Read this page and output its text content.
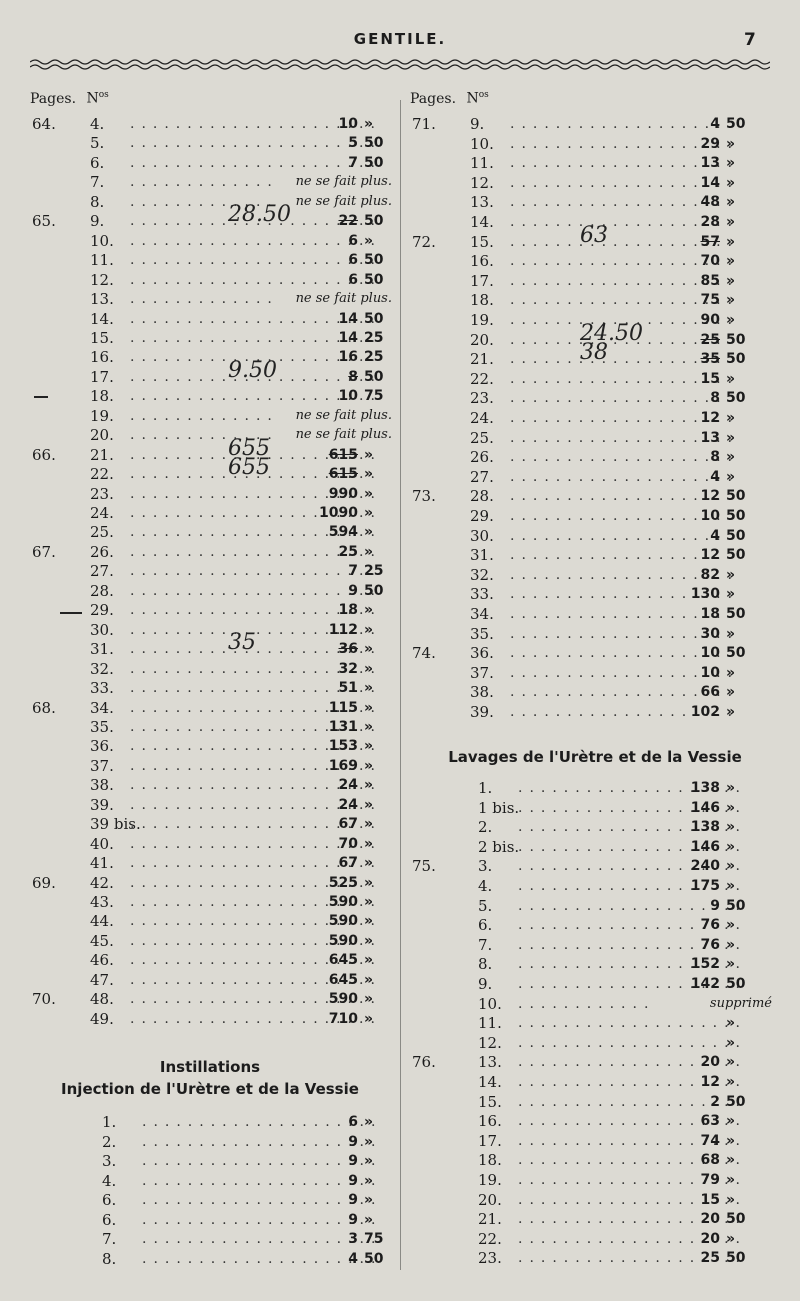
GENTILE.	7
Pages. $N^{os}$	Pages. $N^{os}$
64.	4. .....	10 »
5. .....	5 50
6. .....	7 50
7. .....	ne se fait plus.
8. .....	ne se fait plus.
65.	9. .....	22 50
28.50
10. .....	6 »
11. .....	6 50
12. .....	6 50
13. .....	ne se fait plus.
14. .....	14 50
15. .....	14 25
16. .....	16 25
17. .....	8 50
9.50
18. .....	10 75
19. .....	ne se fait plus.
20. .....	ne se fait plus.
66.	21. .....	615 »
655
22. .....	615 »
655
23. .....	990 »
24. .....	1090 »
25. .....	594 »
67.	26. .....	25 »
27. .....	7 25
28. .....	9 50
29. .....	18 »
30. .....	112 »
31. .....	36 »
35
32. .....	32 »
33. .....	51 »
68.	34. .....	115 »
35. .....	131 »
36. .....	153 »
37. .....	169 »
38. .....	24 »
39. .....	24 »
39 bis. .....	67 »
40. .....	70 »
41. .....	67 »
69.	42. .....	525 »
43. .....	590 »
44. .....	590 »
45. .....	590 »
46. .....	645 »
47. .....	645 »
70.	48. .....	590 »
49. .....	710 »
Instillations
Injection de l'Urètre et de la Vessie
1. .....	6 »
2. .....	9 »
3. .....	9 »
4. .....	9 »
6. .....	9 »
6. .....	9 »
7. .....	3 75
8. .....	4 50
71.	9. .....	4 50
10. .....	29 »
11. .....	13 »
12. .....	14 »
13. .....	48 »
14. .....	28 »
72.	15. .....	57 »
63
16. .....	70 »
17. .....	85 »
18. .....	75 »
19. .....	90 »
20. .....	25 50
24.50
21. .....	35 50
38
22. .....	15 »
23. .....	8 50
24. .....	12 »
25. .....	13 »
26. .....	8 »
27. .....	4 »
73.	28. .....	12 50
29. .....	10 50
30. .....	4 50
31. .....	12 50
32. .....	82 »
33. .....	130 »
34. .....	18 50
35. .....	30 »
74.	36. .....	10 50
37. .....	10 »
38. .....	66 »
39. .....	102 »
Lavages de l'Urètre et de la Vessie
1. .....	138 »
1 bis. .....	146 »
2. .....	138 »
2 bis. .....	146 »
75.	3. .....	240 »
4. .....	175 »
5. .....	9 50
6. .....	76 »
7. .....	76 »
8. .....	152 »
9. .....	142 50
10. .....	supprimé
11. .....	»
12. .....	»
76.	13. .....	20 »
14. .....	12 »
15. .....	2 50
16. .....	63 »
17. .....	74 »
18. .....	68 »
19. .....	79 »
20. .....	15 »
21. .....	20 50
22. .....	20 »
23. .....	25 50
